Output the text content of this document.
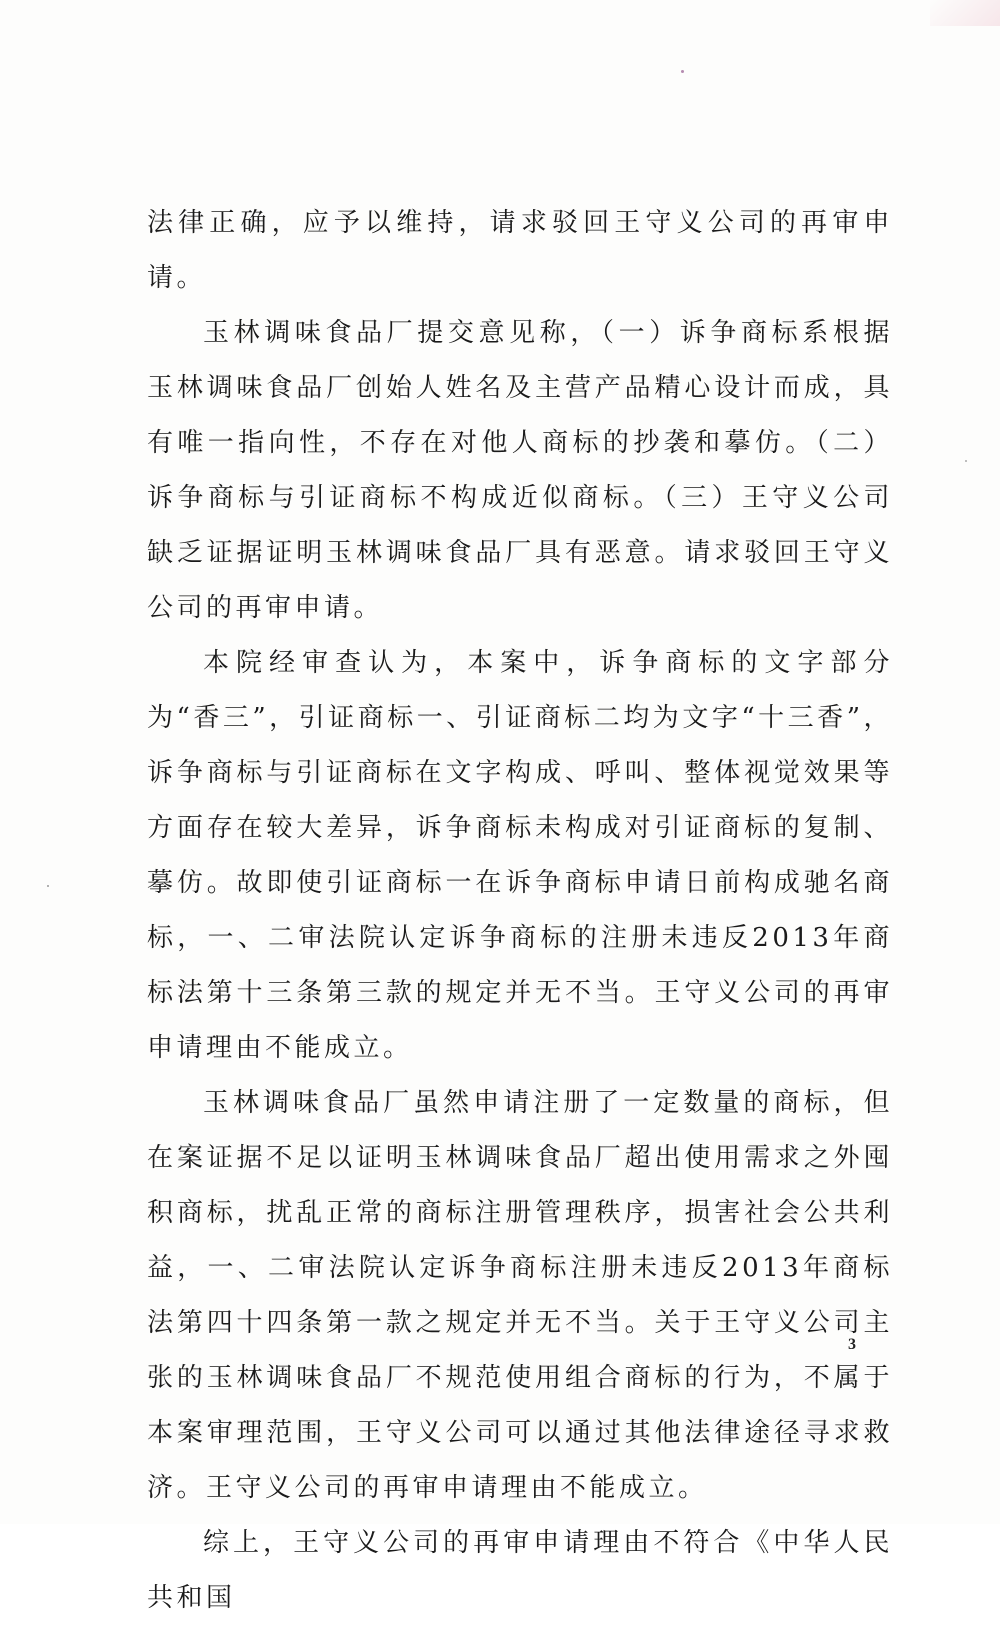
法律正确，应予以维持，请求驳回王守义公司的再审申请。

玉林调味食品厂提交意见称，（一）诉争商标系根据玉林调味食品厂创始人姓名及主营产品精心设计而成，具有唯一指向性，不存在对他人商标的抄袭和摹仿。（二）诉争商标与引证商标不构成近似商标。（三）王守义公司缺乏证据证明玉林调味食品厂具有恶意。请求驳回王守义公司的再审申请。

本院经审查认为，本案中，诉争商标的文字部分为“香三”，引证商标一、引证商标二均为文字“十三香”，诉争商标与引证商标在文字构成、呼叫、整体视觉效果等方面存在较大差异，诉争商标未构成对引证商标的复制、摹仿。故即使引证商标一在诉争商标申请日前构成驰名商标，一、二审法院认定诉争商标的注册未违反2013年商标法第十三条第三款的规定并无不当。王守义公司的再审申请理由不能成立。

玉林调味食品厂虽然申请注册了一定数量的商标，但在案证据不足以证明玉林调味食品厂超出使用需求之外囤积商标，扰乱正常的商标注册管理秩序，损害社会公共利益，一、二审法院认定诉争商标注册未违反2013年商标法第四十四条第一款之规定并无不当。关于王守义公司主张的玉林调味食品厂不规范使用组合商标的行为，不属于本案审理范围，王守义公司可以通过其他法律途径寻求救济。王守义公司的再审申请理由不能成立。

综上，王守义公司的再审申请理由不符合《中华人民共和国

3
